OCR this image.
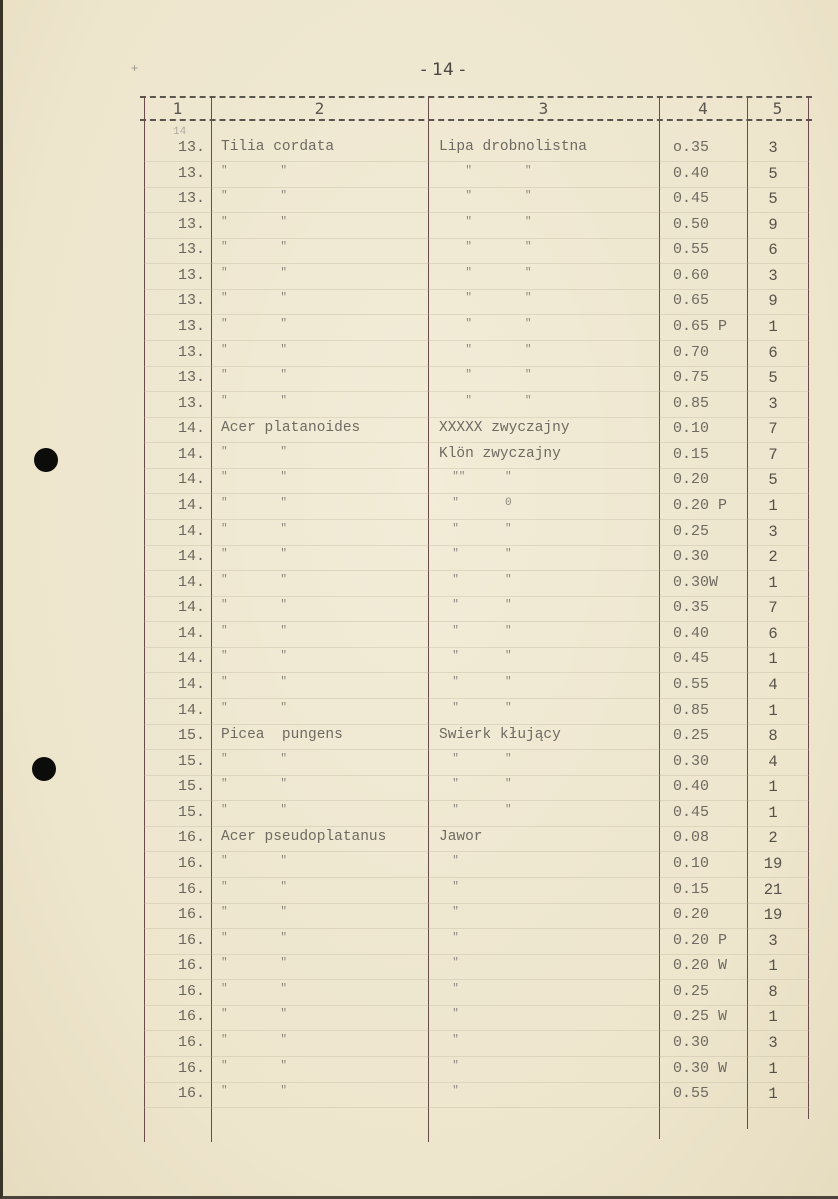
+	- 14 -
1	2	3	4	5
14
13. Tilia cordata	Lipa drobnolistna	o.35	3
13. "        "	"        "	0.40	5
13. "        "	"        "	0.45	5
13. "        "	"        "	0.50	9
13. "        "	"        "	0.55	6
13. "        "	"        "	0.60	3
13. "        "	"        "	0.65	9
13. "        "	"        "	0.65 P	1
13. "        "	"        "	0.70	6
13. "        "	"        "	0.75	5
13. "        "	"        "	0.85	3
14. Acer platanoides	XXXXX zwyczajny	0.10	7
14. "        "	Klön zwyczajny	0.15	7
14. "        "	""      "	0.20	5
14. "        "	"       0	0.20 P	1
14. "        "	"       "	0.25	3
14. "        "	"       "	0.30	2
14. "        "	"       "	0.30W	1
14. "        "	"       "	0.35	7
14. "        "	"       "	0.40	6
14. "        "	"       "	0.45	1
14. "        "	"       "	0.55	4
14. "        "	"       "	0.85	1
15. Picea  pungens	Swierk kłujący	0.25	8
15. "        "	"       "	0.30	4
15. "        "	"       "	0.40	1
15. "        "	"       "	0.45	1
16. Acer pseudoplatanus	Jawor	0.08	2
16. "        "	"	0.10	19
16. "        "	"	0.15	21
16. "        "	"	0.20	19
16. "        "	"	0.20 P	3
16. "        "	"	0.20 W	1
16. "        "	"	0.25	8
16. "        "	"	0.25 W	1
16. "        "	"	0.30	3
16. "        "	"	0.30 W	1
16. "        "	"	0.55	1
